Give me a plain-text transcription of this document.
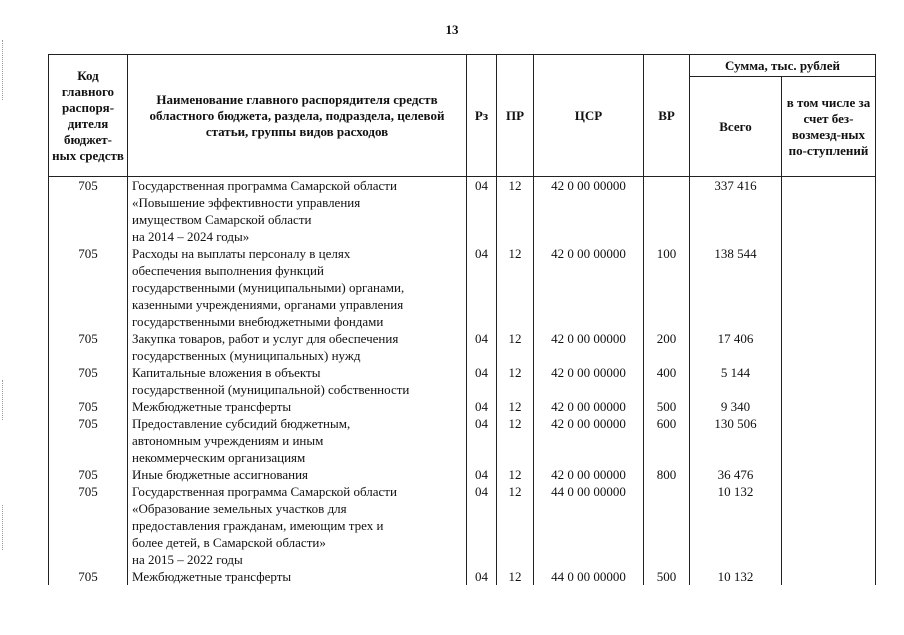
13
Код главного распоря-дителя бюджет-ных средств	Наименование главного распорядителя средств областного бюджета, раздела, подраздела, целевой статьи, группы видов расходов	Рз	ПР	ЦСР	ВР	Сумма, тыс. рублей	
						Всего	в том числе за счет без-возмезд-ных по-ступлений
705	Государственная программа Самарской области
«Повышение эффективности управления
имуществом Самарской области
на 2014 – 2024 годы»	04	12	42 0 00 00000		337 416	
705	Расходы на выплаты персоналу в целях
обеспечения выполнения функций
государственными (муниципальными) органами,
казенными учреждениями, органами управления
государственными внебюджетными фондами	04	12	42 0 00 00000	100	138 544	
705	Закупка товаров, работ и услуг для обеспечения
государственных (муниципальных) нужд	04	12	42 0 00 00000	200	17 406	
705	Капитальные вложения в объекты
государственной (муниципальной) собственности	04	12	42 0 00 00000	400	5 144	
705	Межбюджетные трансферты	04	12	42 0 00 00000	500	9 340	
705	Предоставление субсидий бюджетным,
автономным учреждениям и иным
некоммерческим организациям	04	12	42 0 00 00000	600	130 506	
705	Иные бюджетные ассигнования	04	12	42 0 00 00000	800	36 476	
705	Государственная программа Самарской области
«Образование земельных участков для
предоставления гражданам, имеющим трех и
более детей, в Самарской области»
на 2015 – 2022 годы	04	12	44 0 00 00000		10 132	
705	Межбюджетные трансферты	04	12	44 0 00 00000	500	10 132	
